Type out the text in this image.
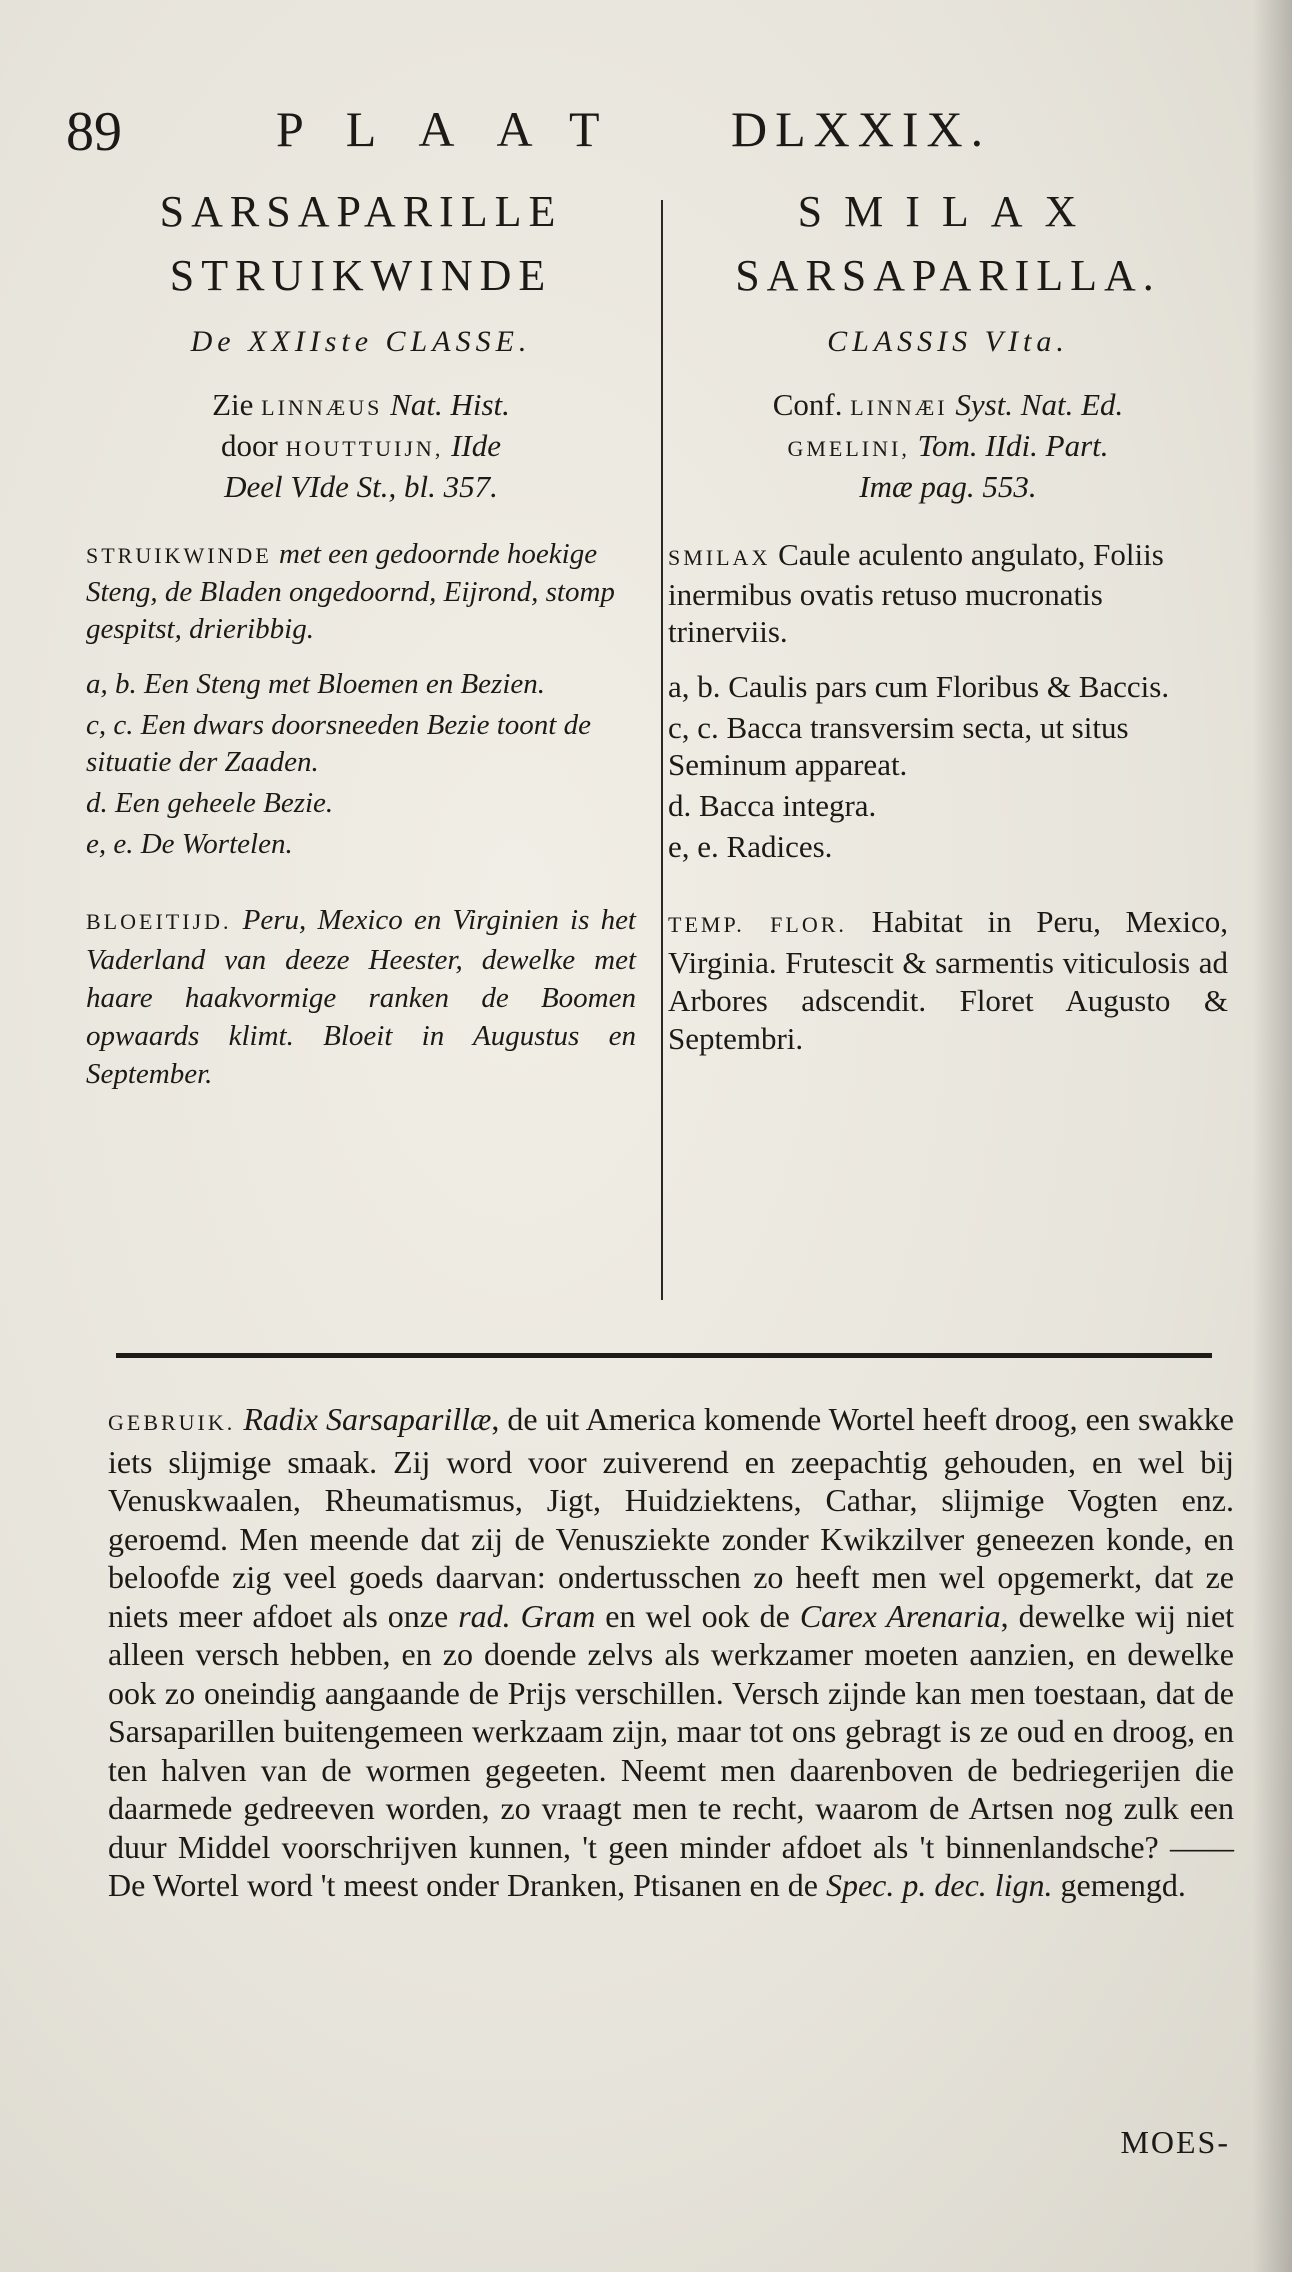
89	PLAAT DLXXIX.
SARSAPARILLE
STRUIKWINDE
De XXIIste CLASSE.
Zie LINNÆUS Nat. Hist.
door HOUTTUIJN, IIde
Deel VIde St., bl. 357.
STRUIKWINDE met een gedoornde hoekige Steng, de Bladen ongedoornd, Eijrond, stomp gespitst, drieribbig.
a, b. Een Steng met Bloemen en Bezien.
c, c. Een dwars doorsneeden Bezie toont de situatie der Zaaden.
d. Een geheele Bezie.
e, e. De Wortelen.
BLOEITIJD. Peru, Mexico en Virginien is het Vaderland van deeze Heester, dewelke met haare haakvormige ranken de Boomen opwaards klimt. Bloeit in Augustus en September.
SMILAX
SARSAPARILLA.
CLASSIS VIta.
Conf. LINNÆI Syst. Nat. Ed.
GMELINI, Tom. IIdi. Part.
Imæ pag. 553.
SMILAX Caule aculento angulato, Foliis inermibus ovatis retuso mucronatis trinerviis.
a, b. Caulis pars cum Floribus & Baccis.
c, c. Bacca transversim secta, ut situs Seminum appareat.
d. Bacca integra.
e, e. Radices.
TEMP. FLOR. Habitat in Peru, Mexico, Virginia. Frutescit & sarmentis viticulosis ad Arbores adscendit. Floret Augusto & Septembri.
GEBRUIK. Radix Sarsaparillæ, de uit America komende Wortel heeft droog, een swakke iets slijmige smaak. Zij word voor zuiverend en zeepachtig gehouden, en wel bij Venuskwaalen, Rheumatismus, Jigt, Huidziektens, Cathar, slijmige Vogten enz. geroemd. Men meende dat zij de Venusziekte zonder Kwikzilver geneezen konde, en beloofde zig veel goeds daarvan: ondertusschen zo heeft men wel opgemerkt, dat ze niets meer afdoet als onze rad. Gram en wel ook de Carex Arenaria, dewelke wij niet alleen versch hebben, en zo doende zelvs als werkzamer moeten aanzien, en dewelke ook zo oneindig aangaande de Prijs verschillen. Versch zijnde kan men toestaan, dat de Sarsaparillen buitengemeen werkzaam zijn, maar tot ons gebragt is ze oud en droog, en ten halven van de wormen gegeeten. Neemt men daarenboven de bedriegerijen die daarmede gedreeven worden, zo vraagt men te recht, waarom de Artsen nog zulk een duur Middel voorschrijven kunnen, 't geen minder afdoet als 't binnenlandsche? —— De Wortel word 't meest onder Dranken, Ptisanen en de Spec. p. dec. lign. gemengd.
MOES-
